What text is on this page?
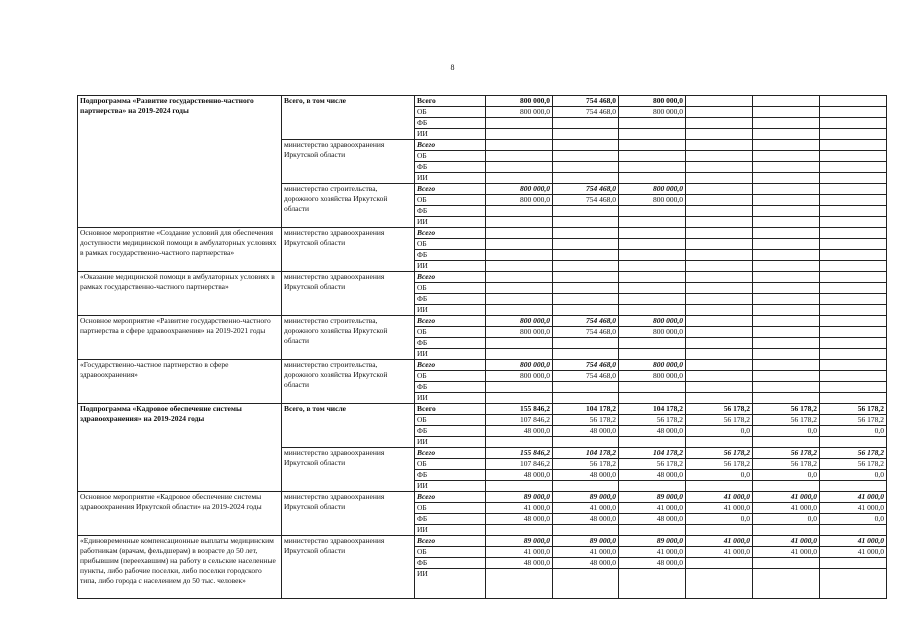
8
Подпрограмма «Развитие государственно-частного партнерства» на 2019-2024 годы	Всего, в том числе	Всего	800 000,0	754 468,0	800 000,0			
		ОБ	800 000,0	754 468,0	800 000,0			
		ФБ						
		ИИ						
	министерство здравоохранения Иркутской области	Всего						
		ОБ						
		ФБ						
		ИИ						
	министерство строительства, дорожного хозяйства Иркутской области	Всего	800 000,0	754 468,0	800 000,0			
		ОБ	800 000,0	754 468,0	800 000,0			
		ФБ						
		ИИ						
Основное мероприятие «Создание условий для обеспечения доступности медицинской помощи в амбулаторных условиях в рамках государственно-частного партнерства»	министерство здравоохранения Иркутской области	Всего						
		ОБ						
		ФБ						
		ИИ						
«Оказание медицинской помощи в амбулаторных условиях в рамках государственно-частного партнерства»	министерство здравоохранения Иркутской области	Всего						
		ОБ						
		ФБ						
		ИИ						
Основное мероприятие «Развитие государственно-частного партнерства в сфере здравоохранения» на 2019-2021 годы	министерство строительства, дорожного хозяйства Иркутской области	Всего	800 000,0	754 468,0	800 000,0			
		ОБ	800 000,0	754 468,0	800 000,0			
		ФБ						
		ИИ						
«Государственно-частное партнерство в сфере здравоохранения»	министерство строительства, дорожного хозяйства Иркутской области	Всего	800 000,0	754 468,0	800 000,0			
		ОБ	800 000,0	754 468,0	800 000,0			
		ФБ						
		ИИ						
Подпрограмма «Кадровое обеспечение системы здравоохранения» на 2019-2024 годы	Всего, в том числе	Всего	155 846,2	104 178,2	104 178,2	56 178,2	56 178,2	56 178,2
		ОБ	107 846,2	56 178,2	56 178,2	56 178,2	56 178,2	56 178,2
		ФБ	48 000,0	48 000,0	48 000,0	0,0	0,0	0,0
		ИИ						
	министерство здравоохранения Иркутской области	Всего	155 846,2	104 178,2	104 178,2	56 178,2	56 178,2	56 178,2
		ОБ	107 846,2	56 178,2	56 178,2	56 178,2	56 178,2	56 178,2
		ФБ	48 000,0	48 000,0	48 000,0	0,0	0,0	0,0
		ИИ						
Основное мероприятие «Кадровое обеспечение системы здравоохранения Иркутской области» на 2019-2024 годы	министерство здравоохранения Иркутской области	Всего	89 000,0	89 000,0	89 000,0	41 000,0	41 000,0	41 000,0
		ОБ	41 000,0	41 000,0	41 000,0	41 000,0	41 000,0	41 000,0
		ФБ	48 000,0	48 000,0	48 000,0	0,0	0,0	0,0
		ИИ						
«Единовременные компенсационные выплаты медицинским работникам (врачам, фельдшерам) в возрасте до 50 лет, прибывшим (переехавшим) на работу в сельские населенные пункты, либо рабочие поселки, либо поселки городского типа, либо города с населением до 50 тыс. человек»	министерство здравоохранения Иркутской области	Всего	89 000,0	89 000,0	89 000,0	41 000,0	41 000,0	41 000,0
		ОБ	41 000,0	41 000,0	41 000,0	41 000,0	41 000,0	41 000,0
		ФБ	48 000,0	48 000,0	48 000,0			
		ИИ						
